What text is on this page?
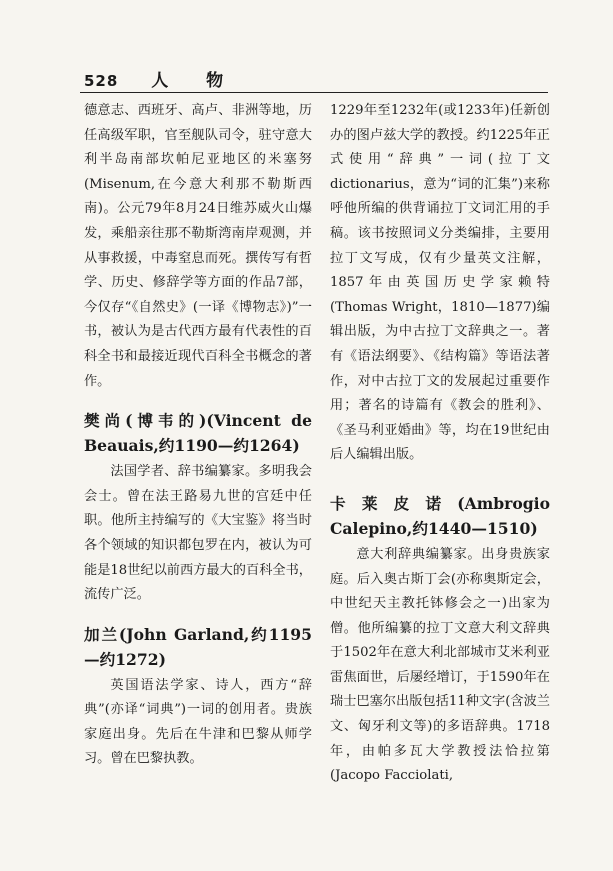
528 人 物

德意志、西班牙、高卢、非洲等地，历任高级军职，官至舰队司令，驻守意大利半岛南部坎帕尼亚地区的米塞努(Misenum,在今意大利那不勒斯西南)。公元79年8月24日维苏威火山爆发，乘船亲往那不勒斯湾南岸观测，并从事救援，中毒窒息而死。撰传写有哲学、历史、修辞学等方面的作品7部，今仅存“《自然史》(一译《博物志》)”一书，被认为是古代西方最有代表性的百科全书和最接近现代百科全书概念的著作。

樊尚(博韦的)(Vincent de Beauais,约1190—约1264)

法国学者、辞书编纂家。多明我会会士。曾在法王路易九世的宫廷中任职。他所主持编写的《大宝鉴》将当时各个领域的知识都包罗在内，被认为可能是18世纪以前西方最大的百科全书，流传广泛。

加兰(John Garland,约1195—约1272)

英国语法学家、诗人，西方“辞典”(亦译“词典”)一词的创用者。贵族家庭出身。先后在牛津和巴黎从师学习。曾在巴黎执教。

1229年至1232年(或1233年)任新创办的图卢兹大学的教授。约1225年正式使用“辞典”一词(拉丁文dictionarius，意为“词的汇集”)来称呼他所编的供背诵拉丁文词汇用的手稿。该书按照词义分类编排，主要用拉丁文写成，仅有少量英文注解，1857年由英国历史学家赖特(Thomas Wright，1810—1877)编辑出版，为中古拉丁文辞典之一。著有《语法纲要》、《结构篇》等语法著作，对中古拉丁文的发展起过重要作用；著名的诗篇有《教会的胜利》、《圣马利亚婚曲》等，均在19世纪由后人编辑出版。

卡莱皮诺(Ambrogio Calepino,约1440—1510)

意大利辞典编纂家。出身贵族家庭。后入奥古斯丁会(亦称奥斯定会，中世纪天主教托钵修会之一)出家为僧。他所编纂的拉丁文意大利文辞典于1502年在意大利北部城市艾米利亚雷焦面世，后屡经增订，于1590年在瑞士巴塞尔出版包括11种文字(含波兰文、匈牙利文等)的多语辞典。1718年，由帕多瓦大学教授法恰拉第(Jacopo Facciolati,
